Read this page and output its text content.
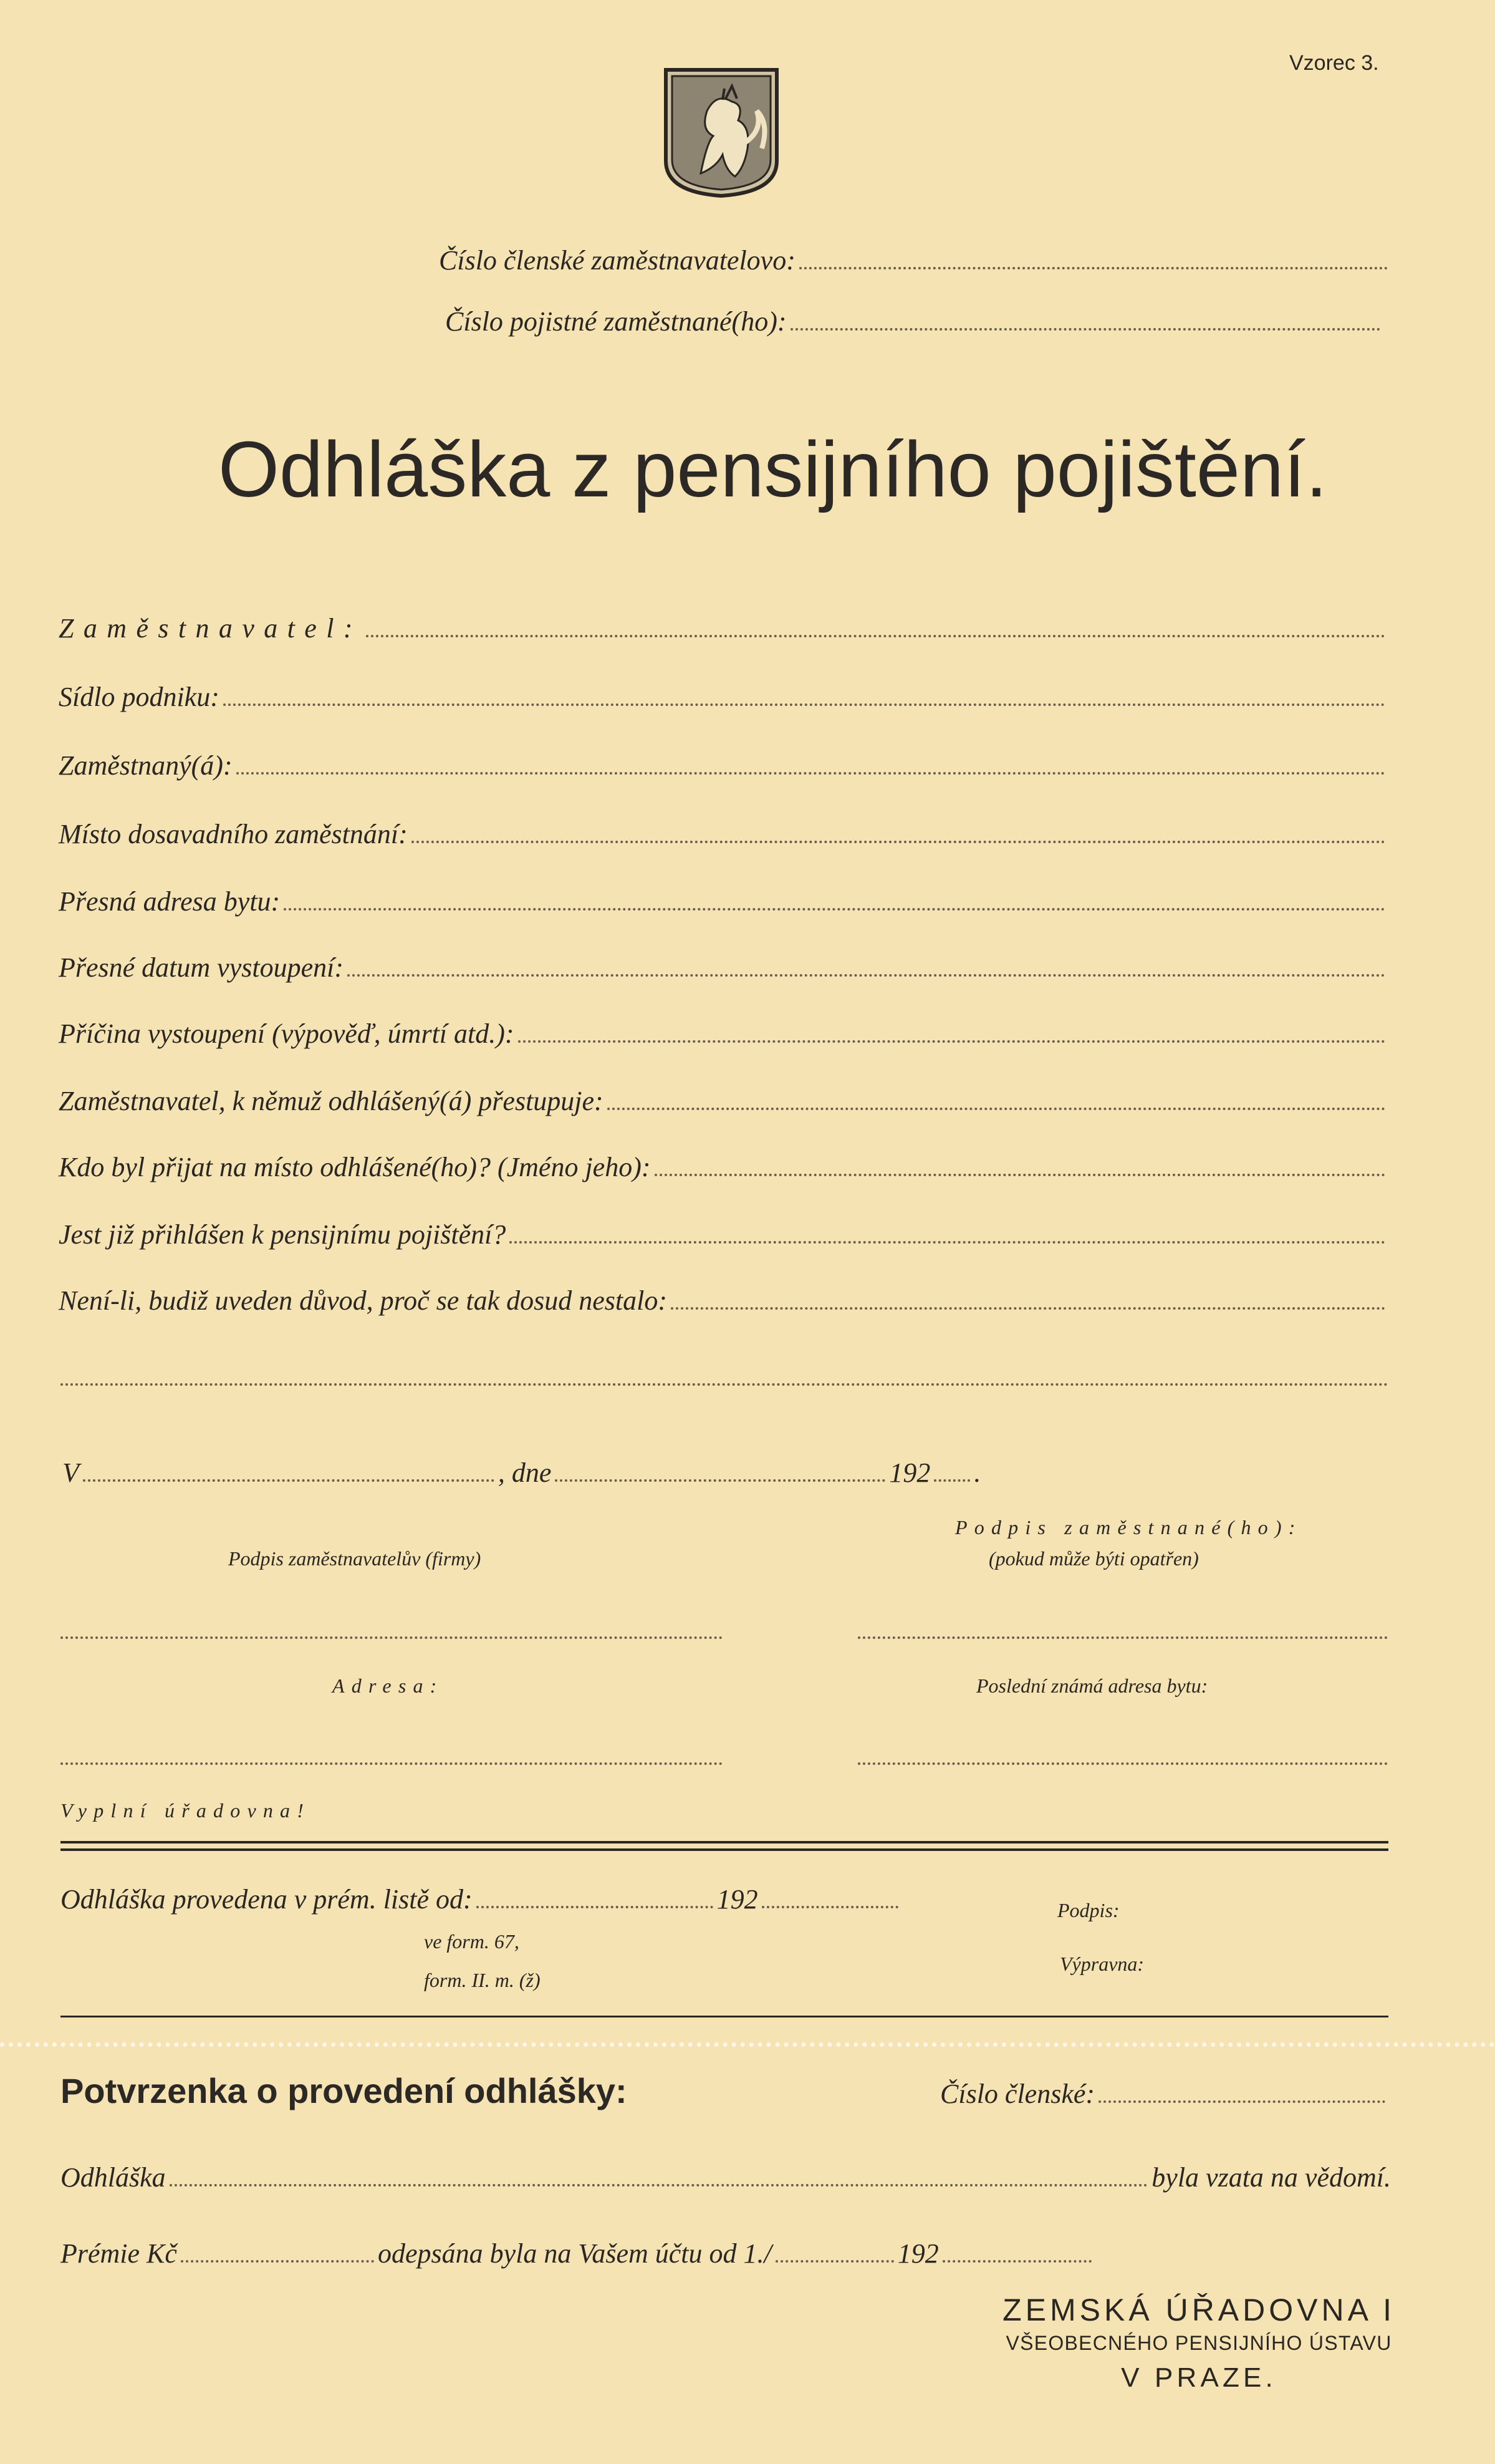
Vzorec 3.
Číslo členské zaměstnavatelovo:
Číslo pojistné zaměstnané(ho):
Odhláška z pensijního pojištění.
Zaměstnavatel:
Sídlo podniku:
Zaměstnaný(á):
Místo dosavadního zaměstnání:
Přesná adresa bytu:
Přesné datum vystoupení:
Příčina vystoupení (výpověď, úmrtí atd.):
Zaměstnavatel, k němuž odhlášený(á) přestupuje:
Kdo byl přijat na místo odhlášené(ho)? (Jméno jeho):
Jest již přihlášen k pensijnímu pojištění?
Není-li, budiž uveden důvod, proč se tak dosud nestalo:
V	, dne	192 .
Podpis zaměstnavatelův (firmy)
Podpis zaměstnané(ho):
(pokud může býti opatřen)
Adresa:	Poslední známá adresa bytu:
Vyplní úřadovna!
Odhláška provedena v prém. listě od:	192
ve form. 67,
form. II. m. (ž)
Podpis:
Výpravna:
Potvrzenka o provedení odhlášky:	Číslo členské:
Odhláška	byla vzata na vědomí.
Prémie Kč	odepsána byla na Vašem účtu od 1./	192
ZEMSKÁ ÚŘADOVNA I
VŠEOBECNÉHO PENSIJNÍHO ÚSTAVU
V PRAZE.
